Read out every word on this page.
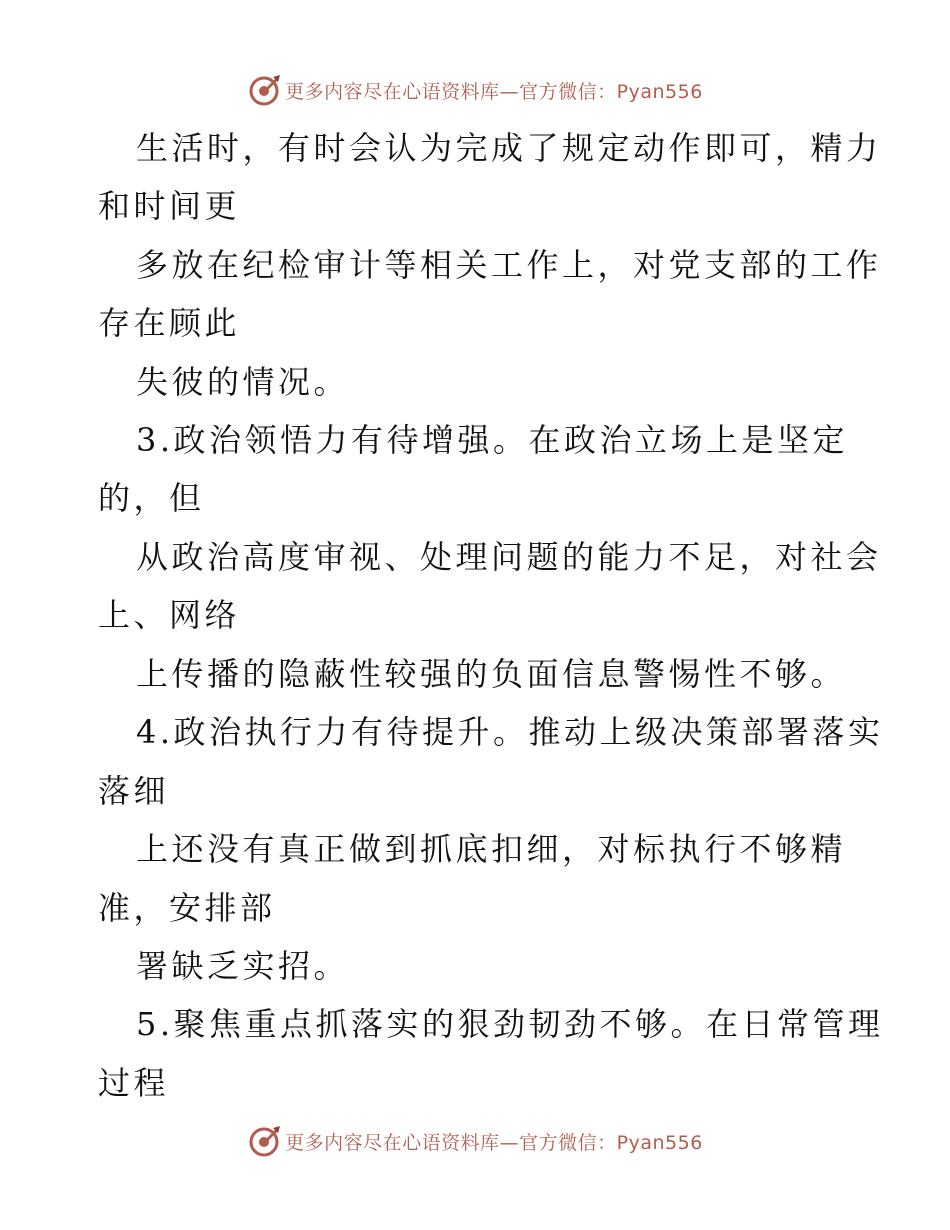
更多内容尽在心语资料库—官方微信：Pyan556
生活时，有时会认为完成了规定动作即可，精力
和时间更
多放在纪检审计等相关工作上，对党支部的工作
存在顾此
失彼的情况。
3.政治领悟力有待增强。在政治立场上是坚定
的，但
从政治高度审视、处理问题的能力不足，对社会
上、网络
上传播的隐蔽性较强的负面信息警惕性不够。
4.政治执行力有待提升。推动上级决策部署落实
落细
上还没有真正做到抓底扣细，对标执行不够精
准，安排部
署缺乏实招。
5.聚焦重点抓落实的狠劲韧劲不够。在日常管理
过程
更多内容尽在心语资料库—官方微信：Pyan556
